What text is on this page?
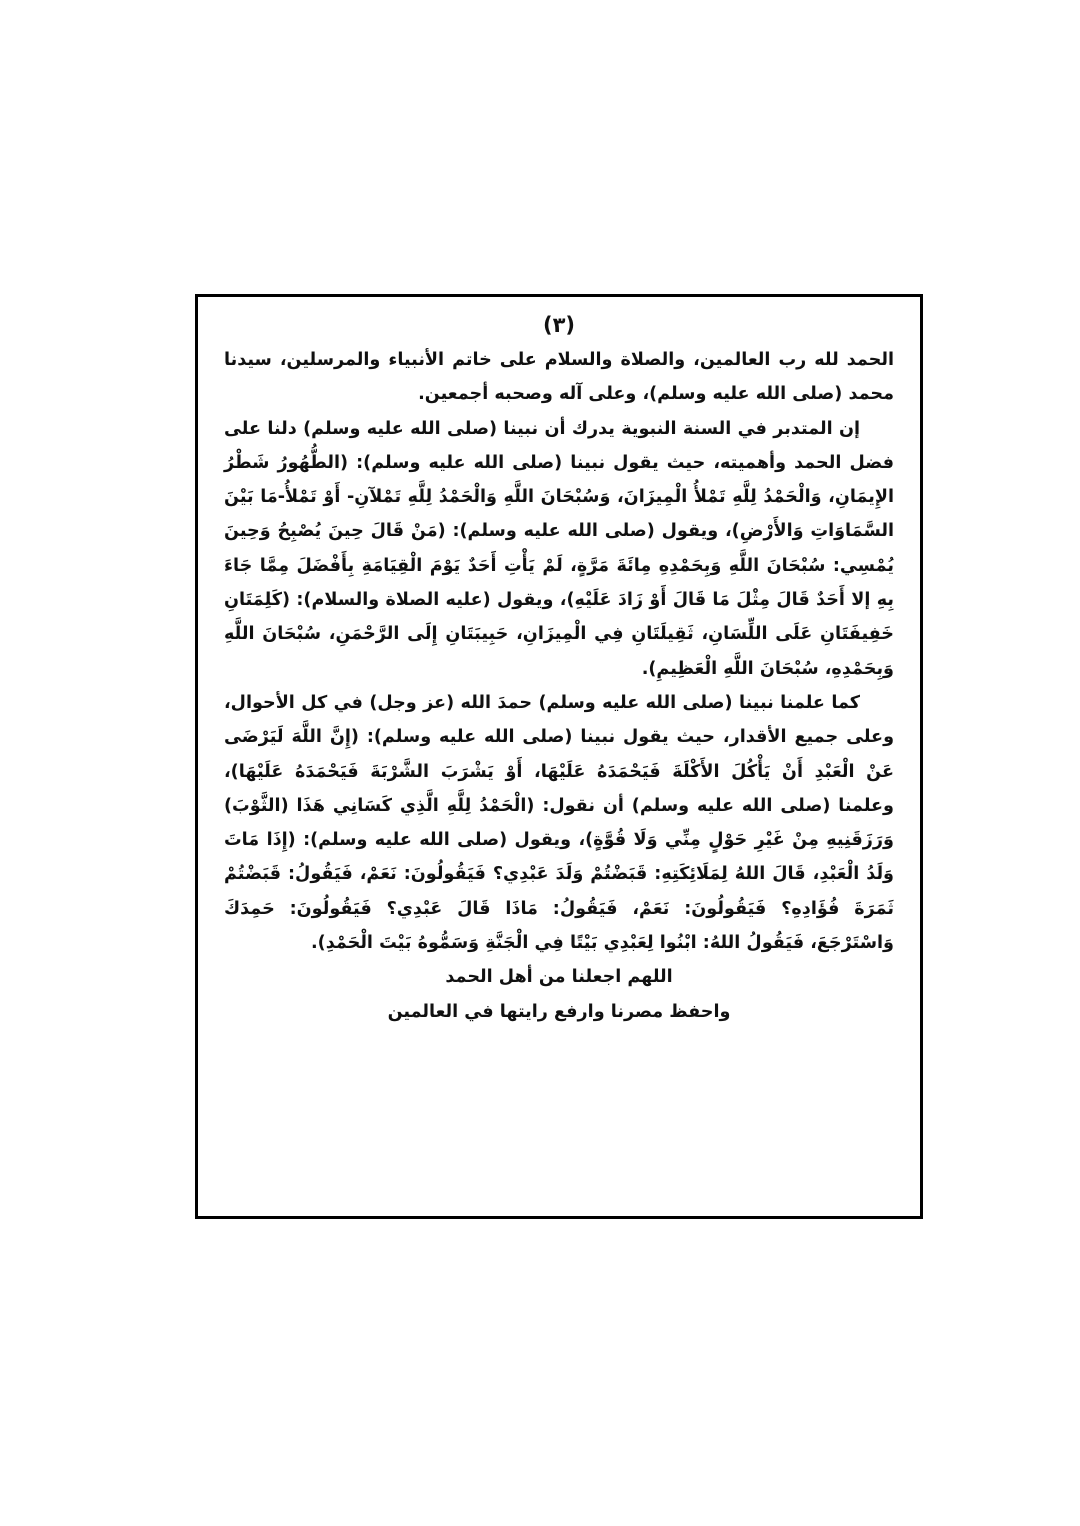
(٣)

الحمد لله رب العالمين، والصلاة والسلام على خاتم الأنبياء والمرسلين، سيدنا محمد (صلى الله عليه وسلم)، وعلى آله وصحبه أجمعين.

إن المتدبر في السنة النبوية يدرك أن نبينا (صلى الله عليه وسلم) دلنا على فضل الحمد وأهميته، حيث يقول نبينا (صلى الله عليه وسلم): (الطُّهُورُ شَطْرُ الإِيمَانِ، وَالْحَمْدُ لِلَّهِ تَمْلأُ الْمِيزَانَ، وَسُبْحَانَ اللَّهِ وَالْحَمْدُ لِلَّهِ تَمْلآنِ- أَوْ تَمْلأُ-مَا بَيْنَ السَّمَاوَاتِ وَالأَرْضِ)، ويقول (صلى الله عليه وسلم): (مَنْ قَالَ حِينَ يُصْبِحُ وَحِينَ يُمْسِي: سُبْحَانَ اللَّهِ وَبِحَمْدِهِ مِائَةَ مَرَّةٍ، لَمْ يَأْتِ أَحَدٌ يَوْمَ الْقِيَامَةِ بِأَفْضَلَ مِمَّا جَاءَ بِهِ إلا أَحَدٌ قَالَ مِثْلَ مَا قَالَ أَوْ زَادَ عَلَيْهِ)، ويقول (عليه الصلاة والسلام): (كَلِمَتَانِ خَفِيفَتَانِ عَلَى اللِّسَانِ، ثَقِيلَتَانِ فِي الْمِيزَانِ، حَبِيبَتَانِ إِلَى الرَّحْمَنِ، سُبْحَانَ اللَّهِ وَبِحَمْدِهِ، سُبْحَانَ اللَّهِ الْعَظِيمِ).

كما علمنا نبينا (صلى الله عليه وسلم) حمدَ الله (عز وجل) في كل الأحوال، وعلى جميع الأقدار، حيث يقول نبينا (صلى الله عليه وسلم): (إِنَّ اللَّهَ لَيَرْضَى عَنْ الْعَبْدِ أَنْ يَأْكُلَ الأَكْلَةَ فَيَحْمَدَهُ عَلَيْهَا، أَوْ يَشْرَبَ الشَّرْبَةَ فَيَحْمَدَهُ عَلَيْهَا)، وعلمنا (صلى الله عليه وسلم) أن نقول: (الْحَمْدُ لِلَّهِ الَّذِي كَسَانِي هَذَا (الثَّوْبَ) وَرَزَقَنِيهِ مِنْ غَيْرِ حَوْلٍ مِنِّي وَلَا قُوَّةٍ)، ويقول (صلى الله عليه وسلم): (إِذَا مَاتَ وَلَدُ الْعَبْدِ، قَالَ اللهُ لِمَلَائِكَتِهِ: قَبَضْتُمْ وَلَدَ عَبْدِي؟ فَيَقُولُونَ: نَعَمْ، فَيَقُولُ: قَبَضْتُمْ ثَمَرَةَ فُؤَادِهِ؟ فَيَقُولُونَ: نَعَمْ، فَيَقُولُ: مَاذَا قَالَ عَبْدِي؟ فَيَقُولُونَ: حَمِدَكَ وَاسْتَرْجَعَ، فَيَقُولُ اللهُ: ابْنُوا لِعَبْدِي بَيْتًا فِي الْجَنَّةِ وَسَمُّوهُ بَيْتَ الْحَمْدِ).

اللهم اجعلنا من أهل الحمد
واحفظ مصرنا وارفع رايتها في العالمين
